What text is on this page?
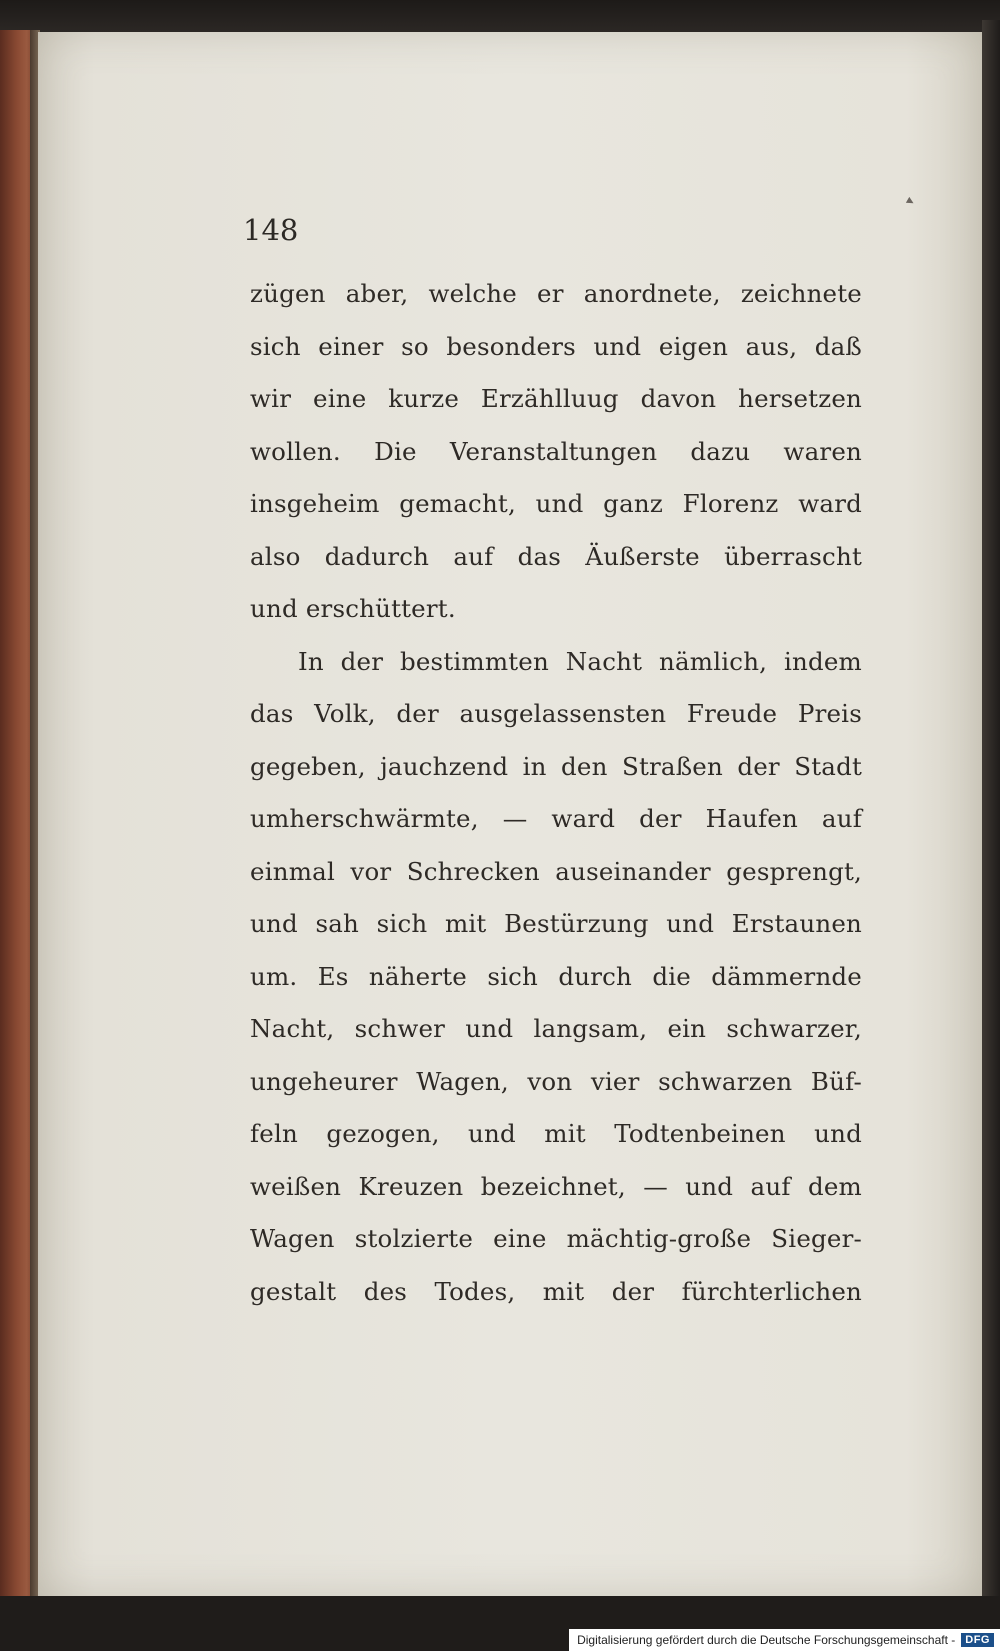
148
zügen aber, welche er anordnete, zeichnete
sich einer so besonders und eigen aus, daß
wir eine kurze Erzählluug davon hersetzen
wollen. Die Veranstaltungen dazu waren
insgeheim gemacht, und ganz Florenz ward
also dadurch auf das Äußerste überrascht
und erschüttert.
In der bestimmten Nacht nämlich, indem
das Volk, der ausgelassensten Freude Preis
gegeben, jauchzend in den Straßen der Stadt
umherschwärmte, — ward der Haufen auf
einmal vor Schrecken auseinander gesprengt,
und sah sich mit Bestürzung und Erstaunen
um. Es näherte sich durch die dämmernde
Nacht, schwer und langsam, ein schwarzer,
ungeheurer Wagen, von vier schwarzen Büf-
feln gezogen, und mit Todtenbeinen und
weißen Kreuzen bezeichnet, — und auf dem
Wagen stolzierte eine mächtig-große Sieger-
gestalt des Todes, mit der fürchterlichen
Digitalisierung gefördert durch die Deutsche Forschungsgemeinschaft - DFG
